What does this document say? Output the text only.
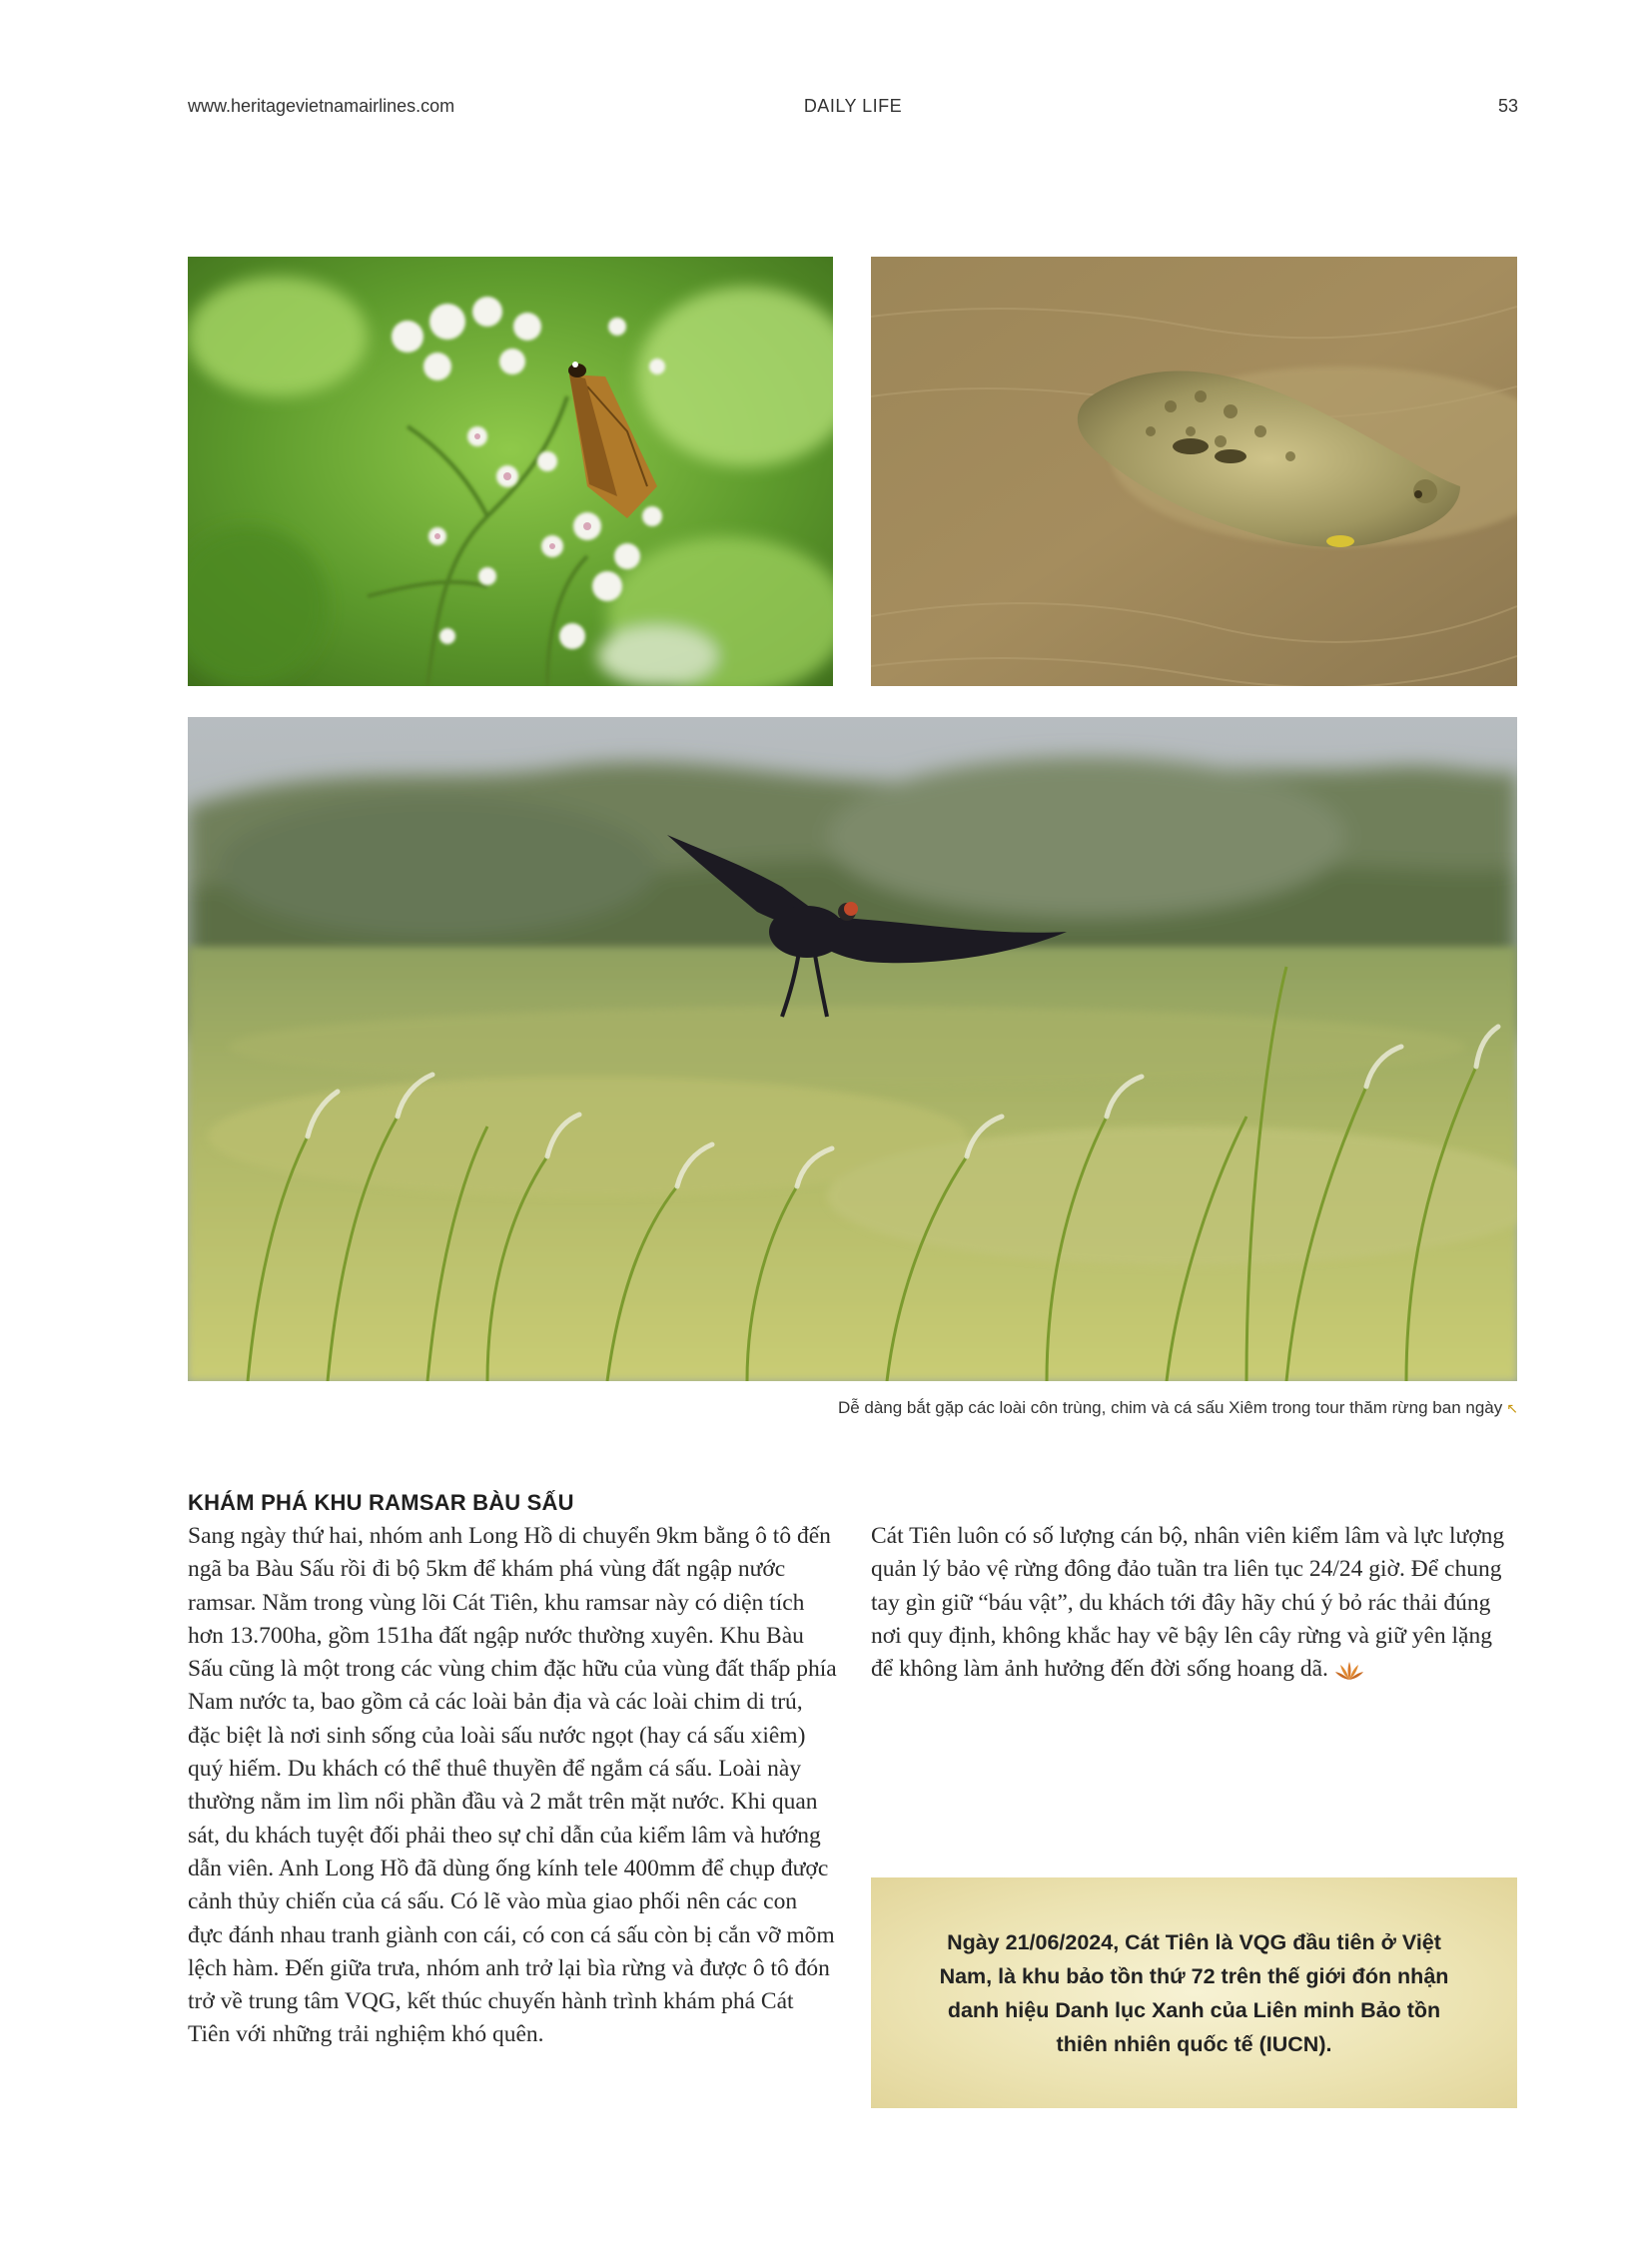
www.heritagevietnamairlines.com	DAILY LIFE	53
Dễ dàng bắt gặp các loài côn trùng, chim và cá sấu Xiêm trong tour thăm rừng ban ngày ↖
KHÁM PHÁ KHU RAMSAR BÀU SẤU
Sang ngày thứ hai, nhóm anh Long Hồ di chuyển 9km bằng ô tô đến ngã ba Bàu Sấu rồi đi bộ 5km để khám phá vùng đất ngập nước ramsar. Nằm trong vùng lõi Cát Tiên, khu ramsar này có diện tích hơn 13.700ha, gồm 151ha đất ngập nước thường xuyên. Khu Bàu Sấu cũng là một trong các vùng chim đặc hữu của vùng đất thấp phía Nam nước ta, bao gồm cả các loài bản địa và các loài chim di trú, đặc biệt là nơi sinh sống của loài sấu nước ngọt (hay cá sấu xiêm) quý hiếm. Du khách có thể thuê thuyền để ngắm cá sấu. Loài này thường nằm im lìm nổi phần đầu và 2 mắt trên mặt nước. Khi quan sát, du khách tuyệt đối phải theo sự chỉ dẫn của kiểm lâm và hướng dẫn viên. Anh Long Hồ đã dùng ống kính tele 400mm để chụp được cảnh thủy chiến của cá sấu. Có lẽ vào mùa giao phối nên các con đực đánh nhau tranh giành con cái, có con cá sấu còn bị cắn vỡ mõm lệch hàm. Đến giữa trưa, nhóm anh trở lại bìa rừng và được ô tô đón trở về trung tâm VQG, kết thúc chuyến hành trình khám phá Cát Tiên với những trải nghiệm khó quên.
Cát Tiên luôn có số lượng cán bộ, nhân viên kiểm lâm và lực lượng quản lý bảo vệ rừng đông đảo tuần tra liên tục 24/24 giờ. Để chung tay gìn giữ “báu vật”, du khách tới đây hãy chú ý bỏ rác thải đúng nơi quy định, không khắc hay vẽ bậy lên cây rừng và giữ yên lặng để không làm ảnh hưởng đến đời sống hoang dã.

Ngày 21/06/2024, Cát Tiên là VQG đầu tiên ở Việt Nam, là khu bảo tồn thứ 72 trên thế giới đón nhận danh hiệu Danh lục Xanh của Liên minh Bảo tồn thiên nhiên quốc tế (IUCN).
